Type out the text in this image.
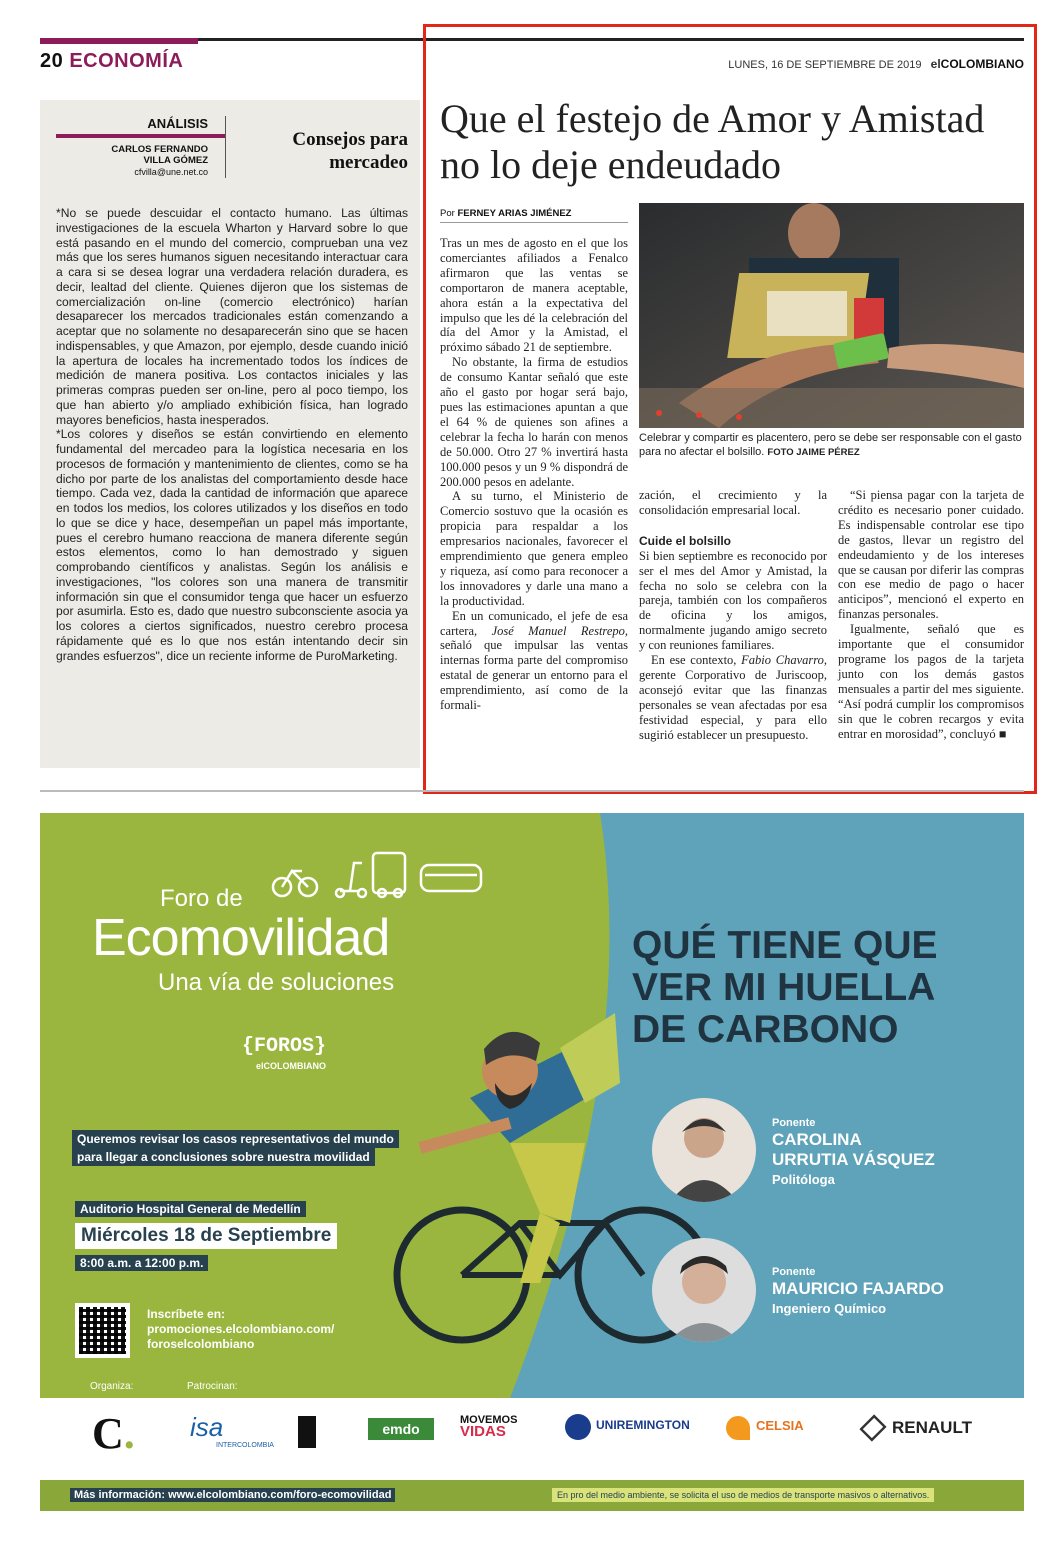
20 ECONOMÍA	LUNES, 16 DE SEPTIEMBRE DE 2019 elCOLOMBIANO
ANÁLISIS
CARLOS FERNANDO
VILLA GÓMEZ
cfvilla@une.net.co
Consejos para
mercadeo

*No se puede descuidar el contacto humano. Las últimas investigaciones de la escuela Wharton y Harvard sobre lo que está pasando en el mundo del comercio, comprueban una vez más que los seres humanos siguen necesitando interactuar cara a cara si se desea lograr una verdadera relación duradera, es decir, lealtad del cliente. Quienes dijeron que los sistemas de comercialización on-line (comercio electrónico) harían desaparecer los mercados tradicionales están comenzando a aceptar que no solamente no desaparecerán sino que se hacen indispensables, y que Amazon, por ejemplo, desde cuando inició la apertura de locales ha incrementado todos los índices de medición de manera positiva. Los contactos iniciales y las primeras compras pueden ser on-line, pero al poco tiempo, los que han abierto y/o ampliado exhibición física, han logrado mayores beneficios, hasta inesperados.

*Los colores y diseños se están convirtiendo en elemento fundamental del mercadeo para la logística necesaria en los procesos de formación y mantenimiento de clientes, como se ha dicho por parte de los analistas del comportamiento desde hace tiempo. Cada vez, dada la cantidad de información que aparece en todos los medios, los colores utilizados y los diseños en todo lo que se dice y hace, desempeñan un papel más importante, pues el cerebro humano reacciona de manera diferente según estos elementos, como lo han demostrado y siguen comprobando científicos y analistas. Según los análisis e investigaciones, "los colores son una manera de transmitir información sin que el consumidor tenga que hacer un esfuerzo por asumirla. Esto es, dado que nuestro subconsciente asocia ya los colores a ciertos significados, nuestro cerebro procesa rápidamente qué es lo que nos están intentando decir sin grandes esfuerzos", dice un reciente informe de PuroMarketing.

Que el festejo de Amor y Amistad no lo deje endeudado
Por FERNEY ARIAS JIMÉNEZ
Celebrar y compartir es placentero, pero se debe ser responsable con el gasto para no afectar el bolsillo. FOTO JAIME PÉREZ

Tras un mes de agosto en el que los comerciantes afiliados a Fenalco afirmaron que las ventas se comportaron de manera aceptable, ahora están a la expectativa del impulso que les dé la celebración del día del Amor y la Amistad, el próximo sábado 21 de septiembre.

No obstante, la firma de estudios de consumo Kantar señaló que este año el gasto por hogar será bajo, pues las estimaciones apuntan a que el 64 % de quienes son afines a celebrar la fecha lo harán con menos de 50.000. Otro 27 % invertirá hasta 100.000 pesos y un 9 % dispondrá de 200.000 pesos en adelante.

A su turno, el Ministerio de Comercio sostuvo que la ocasión es propicia para respaldar a los empresarios nacionales, favorecer el emprendimiento que genera empleo y riqueza, así como para reconocer a los innovadores y darle una mano a la productividad.

En un comunicado, el jefe de esa cartera, José Manuel Restrepo, señaló que impulsar las ventas internas forma parte del compromiso estatal de generar un entorno para el emprendimiento, así como de la formali-

zación, el crecimiento y la consolidación empresarial local.

Cuide el bolsillo

Si bien septiembre es reconocido por ser el mes del Amor y Amistad, la fecha no solo se celebra con la pareja, también con los compañeros de oficina y los amigos, normalmente jugando amigo secreto y con reuniones familiares.

En ese contexto, Fabio Chavarro, gerente Corporativo de Juriscoop, aconsejó evitar que las finanzas personales se vean afectadas por esa festividad especial, y para ello sugirió establecer un presupuesto.

“Si piensa pagar con la tarjeta de crédito es necesario poner cuidado. Es indispensable controlar ese tipo de gastos, llevar un registro del endeudamiento y de los intereses que se causan por diferir las compras con ese medio de pago o hacer anticipos”, mencionó el experto en finanzas personales.

Igualmente, señaló que es importante que el consumidor programe los pagos de la tarjeta junto con los demás gastos mensuales a partir del mes siguiente. “Así podrá cumplir los compromisos sin que le cobren recargos y evita entrar en morosidad”, concluyó ■

Foro de
Ecomovilidad
Una vía de soluciones
{FOROS}
elCOLOMBIANO
Queremos revisar los casos representativos del mundo
para llegar a conclusiones sobre nuestra movilidad
Auditorio Hospital General de Medellín
Miércoles 18 de Septiembre
8:00 a.m. a 12:00 p.m.
Inscríbete en:
promociones.elcolombiano.com/
foroselcolombiano
QUÉ TIENE QUE
VER MI HUELLA
DE CARBONO
Ponente
CAROLINA
URRUTIA VÁSQUEZ
Politóloga
Ponente
MAURICIO FAJARDO
Ingeniero Químico
Organiza:	Patrocinan:
C. isa
INTERCOLOMBIA
emdo
MOVEMOS
VIDAS	UNIREMINGTON	CELSIA	RENAULT
Más información: www.elcolombiano.com/foro-ecomovilidad	En pro del medio ambiente, se solicita el uso de medios de transporte masivos o alternativos.
